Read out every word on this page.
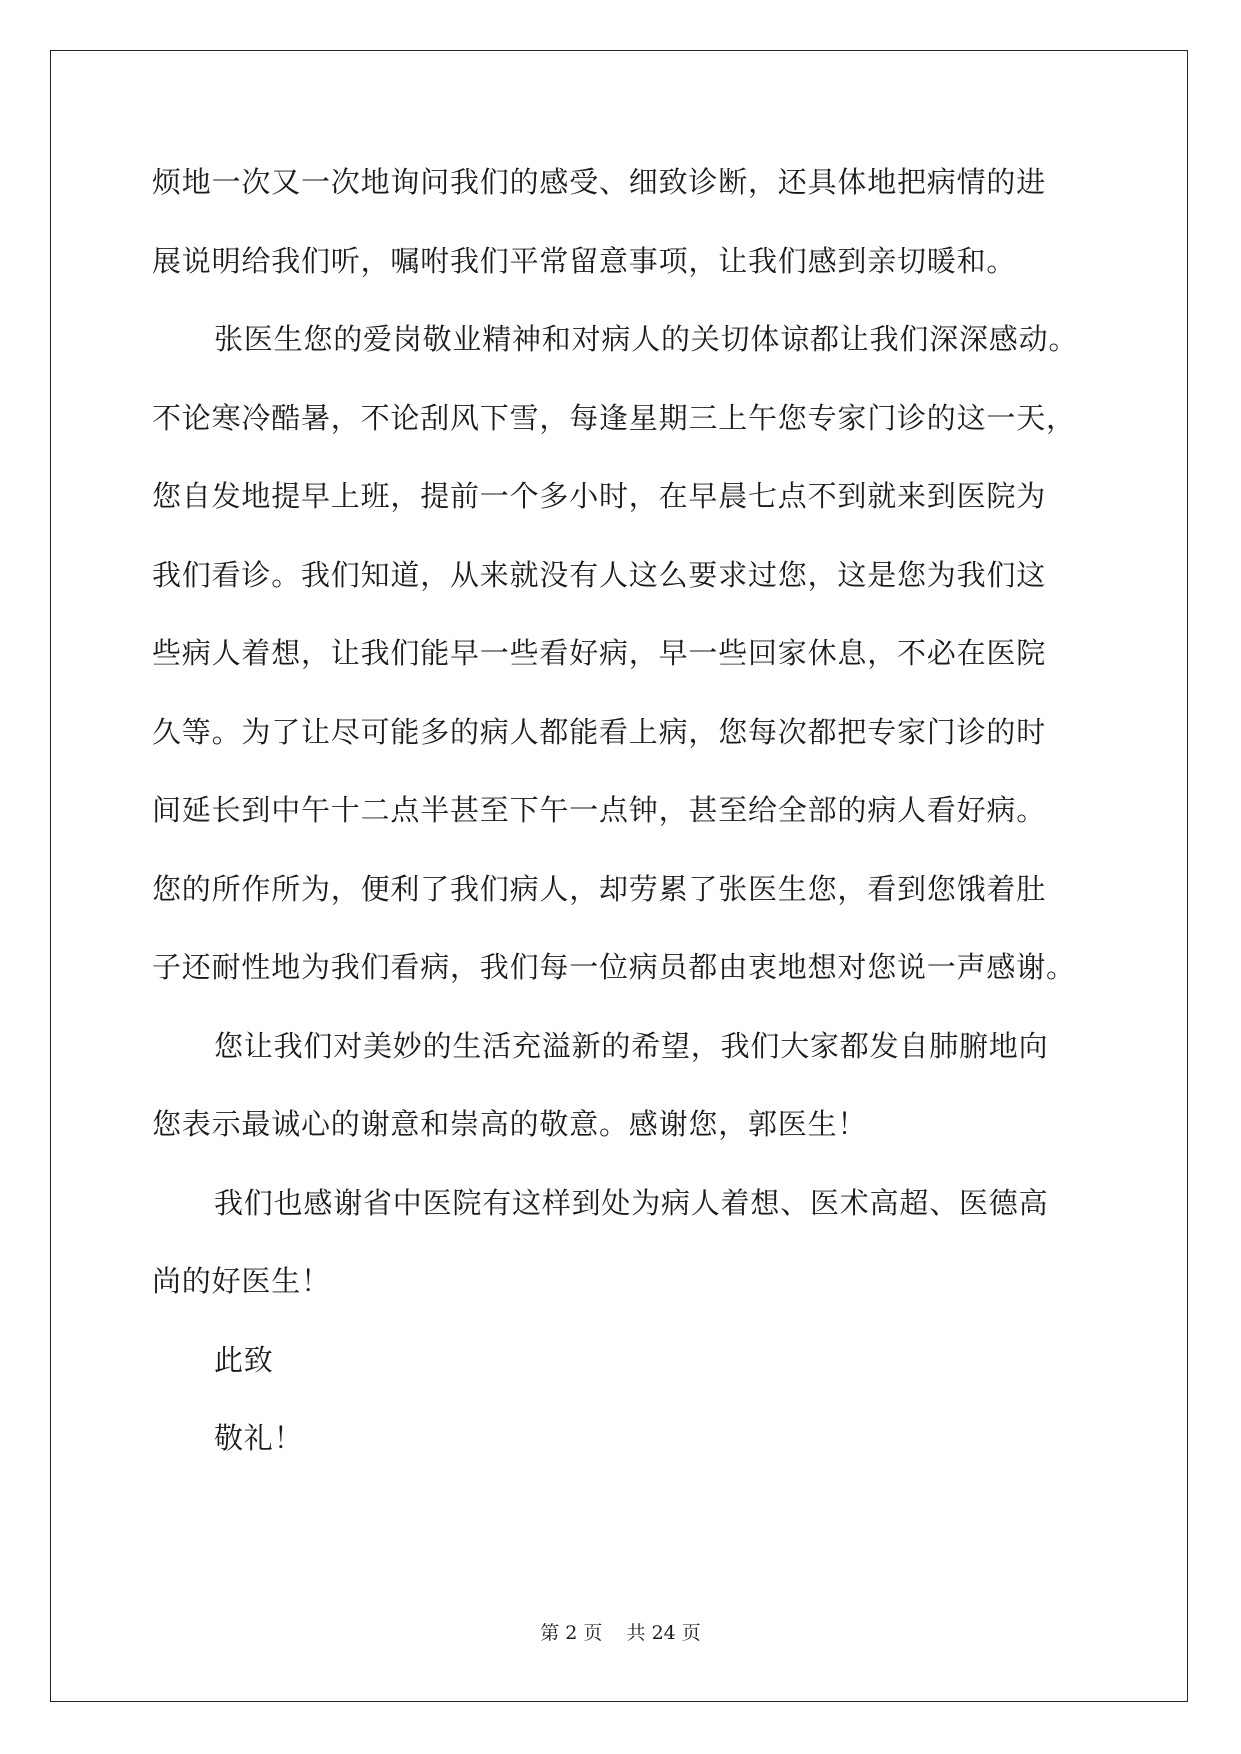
烦地一次又一次地询问我们的感受、细致诊断，还具体地把病情的进
展说明给我们听，嘱咐我们平常留意事项，让我们感到亲切暖和。
张医生您的爱岗敬业精神和对病人的关切体谅都让我们深深感动。
不论寒冷酷暑，不论刮风下雪，每逢星期三上午您专家门诊的这一天，
您自发地提早上班，提前一个多小时，在早晨七点不到就来到医院为
我们看诊。我们知道，从来就没有人这么要求过您，这是您为我们这
些病人着想，让我们能早一些看好病，早一些回家休息，不必在医院
久等。为了让尽可能多的病人都能看上病，您每次都把专家门诊的时
间延长到中午十二点半甚至下午一点钟，甚至给全部的病人看好病。
您的所作所为，便利了我们病人，却劳累了张医生您，看到您饿着肚
子还耐性地为我们看病，我们每一位病员都由衷地想对您说一声感谢。
您让我们对美妙的生活充溢新的希望，我们大家都发自肺腑地向
您表示最诚心的谢意和崇高的敬意。感谢您，郭医生！
我们也感谢省中医院有这样到处为病人着想、医术高超、医德高
尚的好医生！
此致
敬礼！
第 2 页    共 24 页
